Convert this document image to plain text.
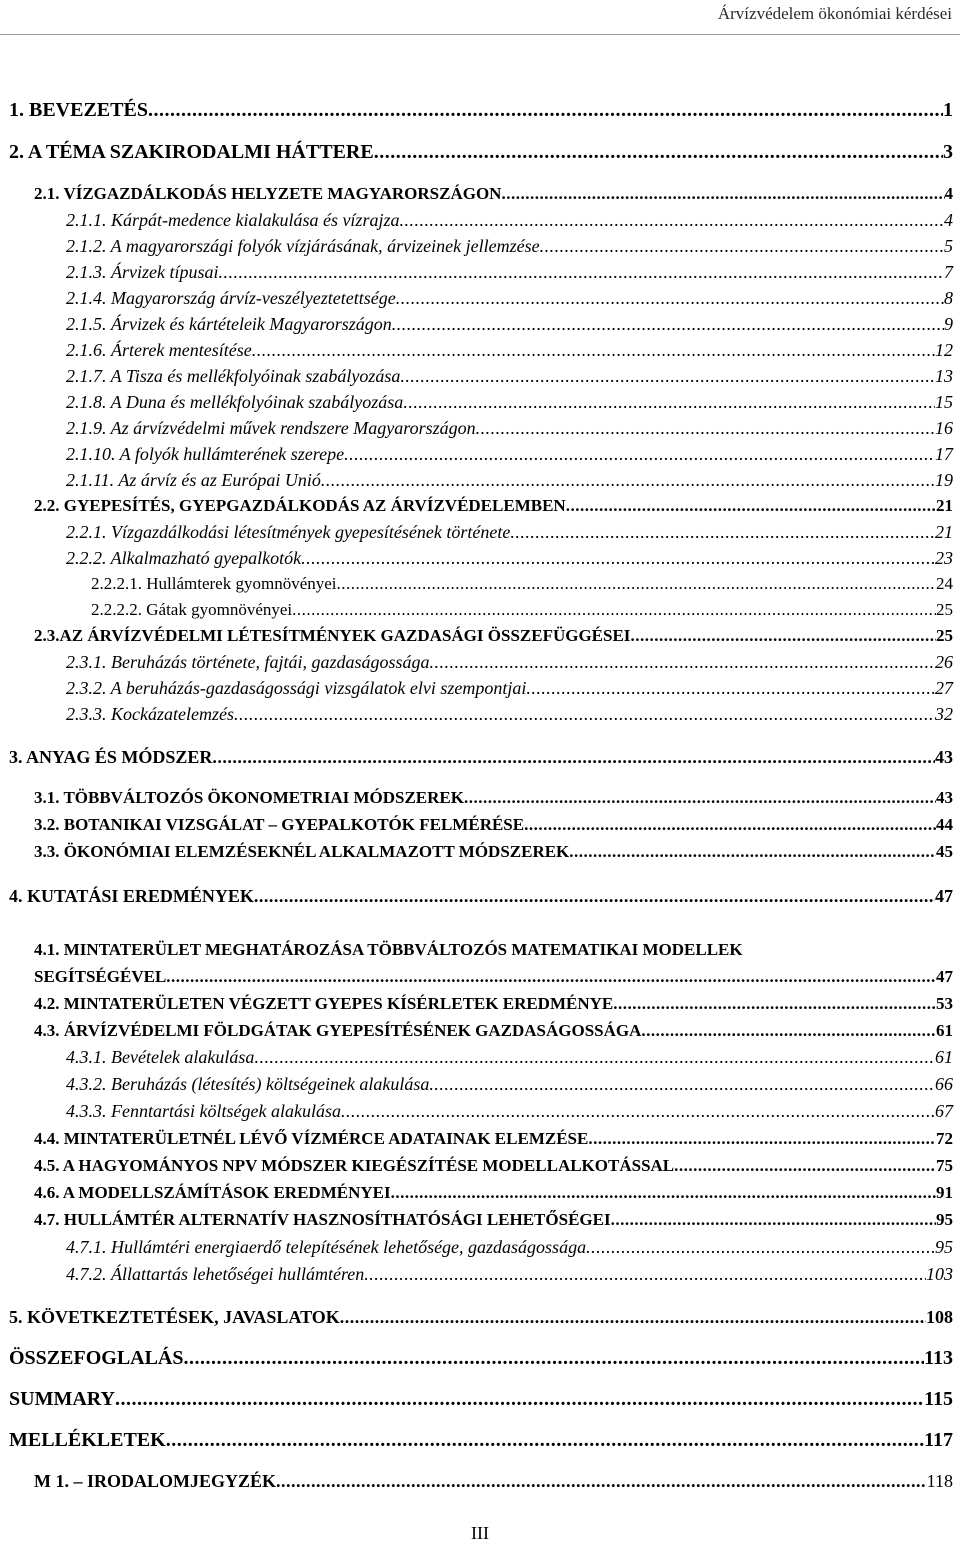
Árvízvédelem ökonómiai kérdései
1. BEVEZETÉS .....	1
2. A TÉMA SZAKIRODALMI HÁTTERE .....	3
2.1. VÍZGAZDÁLKODÁS HELYZETE MAGYARORSZÁGON .....	4
2.1.1. Kárpát-medence kialakulása és vízrajza .....	4
2.1.2. A magyarországi folyók vízjárásának, árvizeinek jellemzése .....	5
2.1.3. Árvizek típusai .....	7
2.1.4. Magyarország árvíz-veszélyeztetettsége .....	8
2.1.5. Árvizek és kártételeik Magyarországon .....	9
2.1.6. Árterek mentesítése .....	12
2.1.7. A Tisza és mellékfolyóinak szabályozása .....	13
2.1.8. A Duna és mellékfolyóinak szabályozása .....	15
2.1.9. Az árvízvédelmi művek rendszere Magyarországon .....	16
2.1.10. A folyók hullámterének szerepe .....	17
2.1.11. Az árvíz és az Európai Unió .....	19
2.2. GYEPESÍTÉS, GYEPGAZDÁLKODÁS AZ ÁRVÍZVÉDELEMBEN .....	21
2.2.1. Vízgazdálkodási létesítmények gyepesítésének története .....	21
2.2.2. Alkalmazható gyepalkotók .....	23
2.2.2.1. Hullámterek gyomnövényei .....	24
2.2.2.2. Gátak gyomnövényei .....	25
2.3.AZ ÁRVÍZVÉDELMI LÉTESÍTMÉNYEK GAZDASÁGI ÖSSZEFÜGGÉSEI .....	25
2.3.1. Beruházás története, fajtái, gazdaságossága .....	26
2.3.2. A beruházás-gazdaságossági vizsgálatok elvi szempontjai .....	27
2.3.3. Kockázatelemzés .....	32
3. ANYAG ÉS MÓDSZER .....	43
3.1. TÖBBVÁLTOZÓS ÖKONOMETRIAI MÓDSZEREK .....	43
3.2. BOTANIKAI VIZSGÁLAT – GYEPALKOTÓK FELMÉRÉSE .....	44
3.3. ÖKONÓMIAI ELEMZÉSEKNÉL ALKALMAZOTT MÓDSZEREK .....	45
4. KUTATÁSI EREDMÉNYEK .....	47
4.1. MINTATERÜLET MEGHATÁROZÁSA TÖBBVÁLTOZÓS MATEMATIKAI MODELLEK
SEGÍTSÉGÉVEL .....	47
4.2. MINTATERÜLETEN VÉGZETT GYEPES KÍSÉRLETEK EREDMÉNYE .....	53
4.3. ÁRVÍZVÉDELMI FÖLDGÁTAK GYEPESÍTÉSÉNEK GAZDASÁGOSSÁGA .....	61
4.3.1. Bevételek alakulása .....	61
4.3.2. Beruházás (létesítés) költségeinek alakulása .....	66
4.3.3. Fenntartási költségek alakulása .....	67
4.4. MINTATERÜLETNÉL LÉVŐ VÍZMÉRCE ADATAINAK ELEMZÉSE .....	72
4.5. A HAGYOMÁNYOS NPV MÓDSZER KIEGÉSZÍTÉSE MODELLALKOTÁSSAL .....	75
4.6. A MODELLSZÁMÍTÁSOK EREDMÉNYEI .....	91
4.7. HULLÁMTÉR ALTERNATÍV HASZNOSÍTHATÓSÁGI LEHETŐSÉGEI .....	95
4.7.1. Hullámtéri energiaerdő telepítésének lehetősége, gazdaságossága .....	95
4.7.2. Állattartás lehetőségei hullámtéren .....	103
5. KÖVETKEZTETÉSEK, JAVASLATOK .....	108
ÖSSZEFOGLALÁS .....	113
SUMMARY .....	115
MELLÉKLETEK .....	117
M 1. – IRODALOMJEGYZÉK .....	118
III
